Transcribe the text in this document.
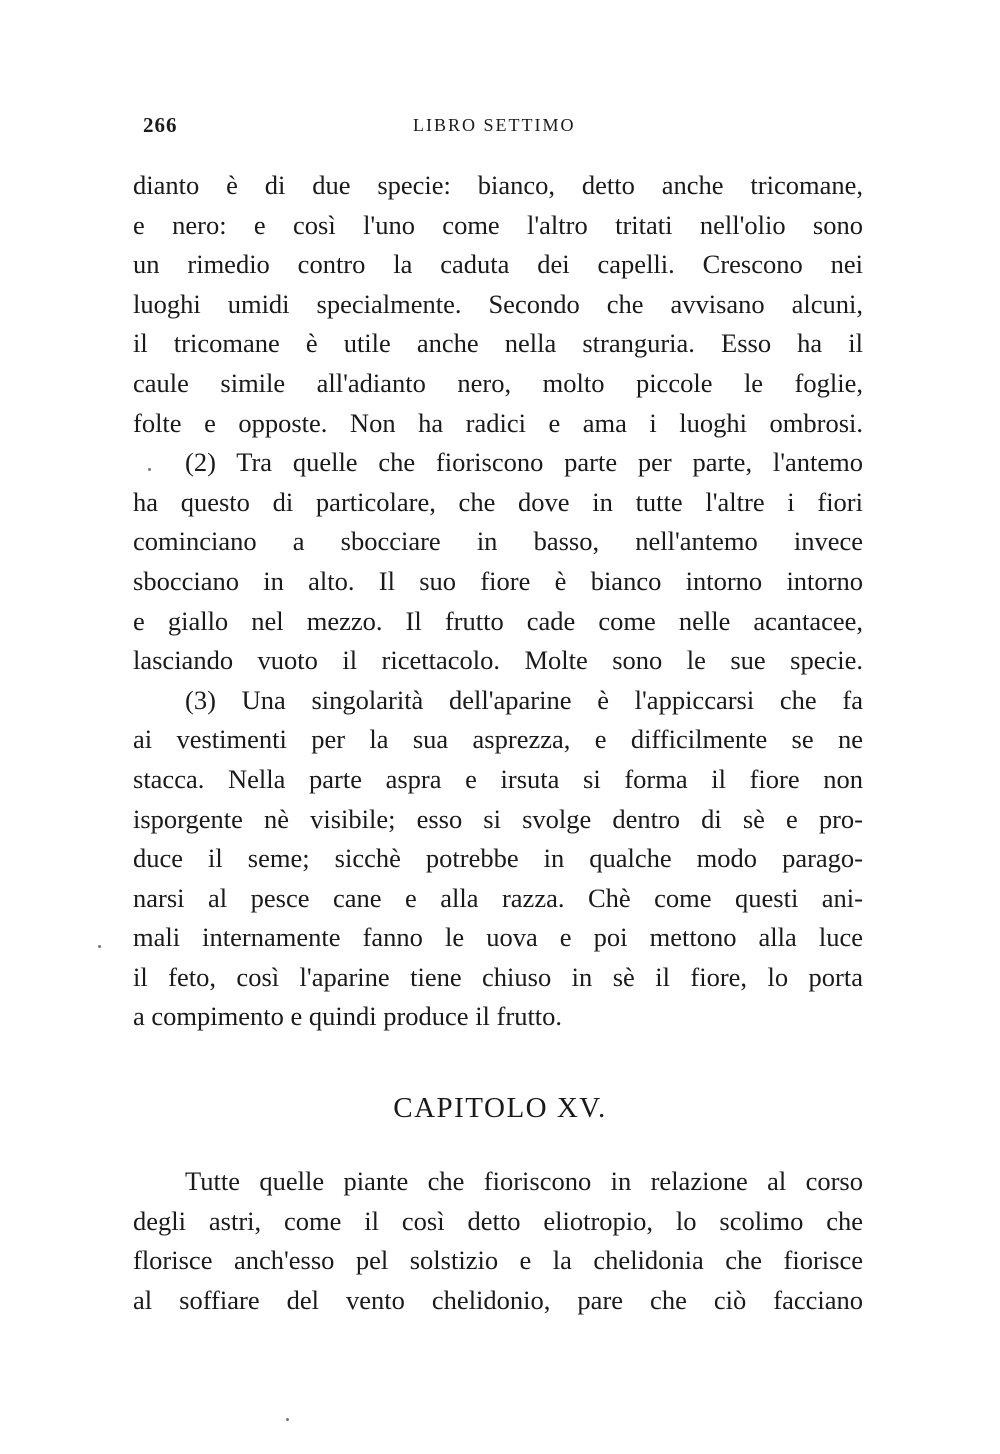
266	LIBRO SETTIMO
dianto è di due specie: bianco, detto anche tricomane,
e nero: e così l'uno come l'altro tritati nell'olio sono
un rimedio contro la caduta dei capelli. Crescono nei
luoghi umidi specialmente. Secondo che avvisano alcuni,
il tricomane è utile anche nella stranguria. Esso ha il
caule simile all'adianto nero, molto piccole le foglie,
folte e opposte. Non ha radici e ama i luoghi ombrosi.
(2) Tra quelle che fioriscono parte per parte, l'antemo
ha questo di particolare, che dove in tutte l'altre i fiori
cominciano a sbocciare in basso, nell'antemo invece
sbocciano in alto. Il suo fiore è bianco intorno intorno
e giallo nel mezzo. Il frutto cade come nelle acantacee,
lasciando vuoto il ricettacolo. Molte sono le sue specie.
(3) Una singolarità dell'aparine è l'appiccarsi che fa
ai vestimenti per la sua asprezza, e difficilmente se ne
stacca. Nella parte aspra e irsuta si forma il fiore non
isporgente nè visibile; esso si svolge dentro di sè e pro-
duce il seme; sicchè potrebbe in qualche modo parago-
narsi al pesce cane e alla razza. Chè come questi ani-
mali internamente fanno le uova e poi mettono alla luce
il feto, così l'aparine tiene chiuso in sè il fiore, lo porta
a compimento e quindi produce il frutto.
CAPITOLO XV.
Tutte quelle piante che fioriscono in relazione al corso
degli astri, come il così detto eliotropio, lo scolimo che
florisce anch'esso pel solstizio e la chelidonia che fiorisce
al soffiare del vento chelidonio, pare che ciò facciano
